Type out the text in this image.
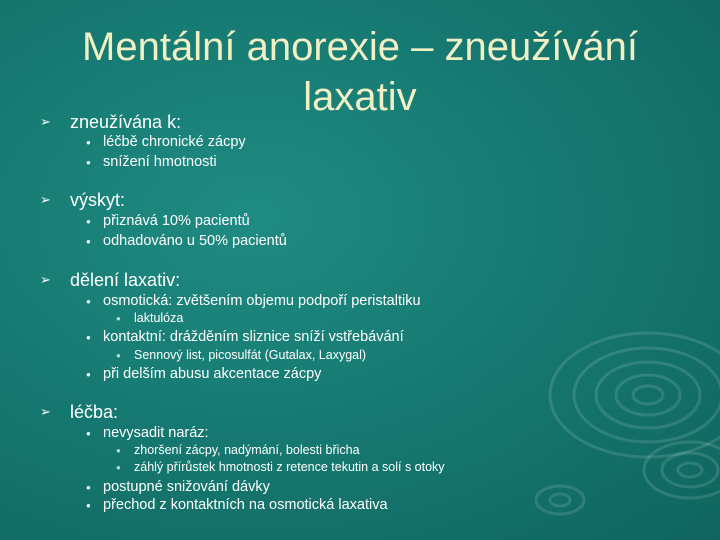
Mentální anorexie – zneužívání
laxativ
➢ zneužívána k:
● léčbě chronické zácpy
● snížení hmotnosti
➢ výskyt:
● přiznává 10% pacientů
● odhadováno u 50% pacientů
➢ dělení laxativ:
● osmotická: zvětšením objemu podpoří peristaltiku
● laktulóza
● kontaktní: drážděním sliznice sníží vstřebávání
● Sennový list, picosulfát (Gutalax, Laxygal)
● při delším abusu akcentace zácpy
➢ léčba:
● nevysadit naráz:
● zhoršení zácpy, nadýmání, bolesti břicha
● záhlý přírůstek hmotnosti z retence tekutin a solí s otoky
● postupné snižování dávky
● přechod z kontaktních na osmotická laxativa
